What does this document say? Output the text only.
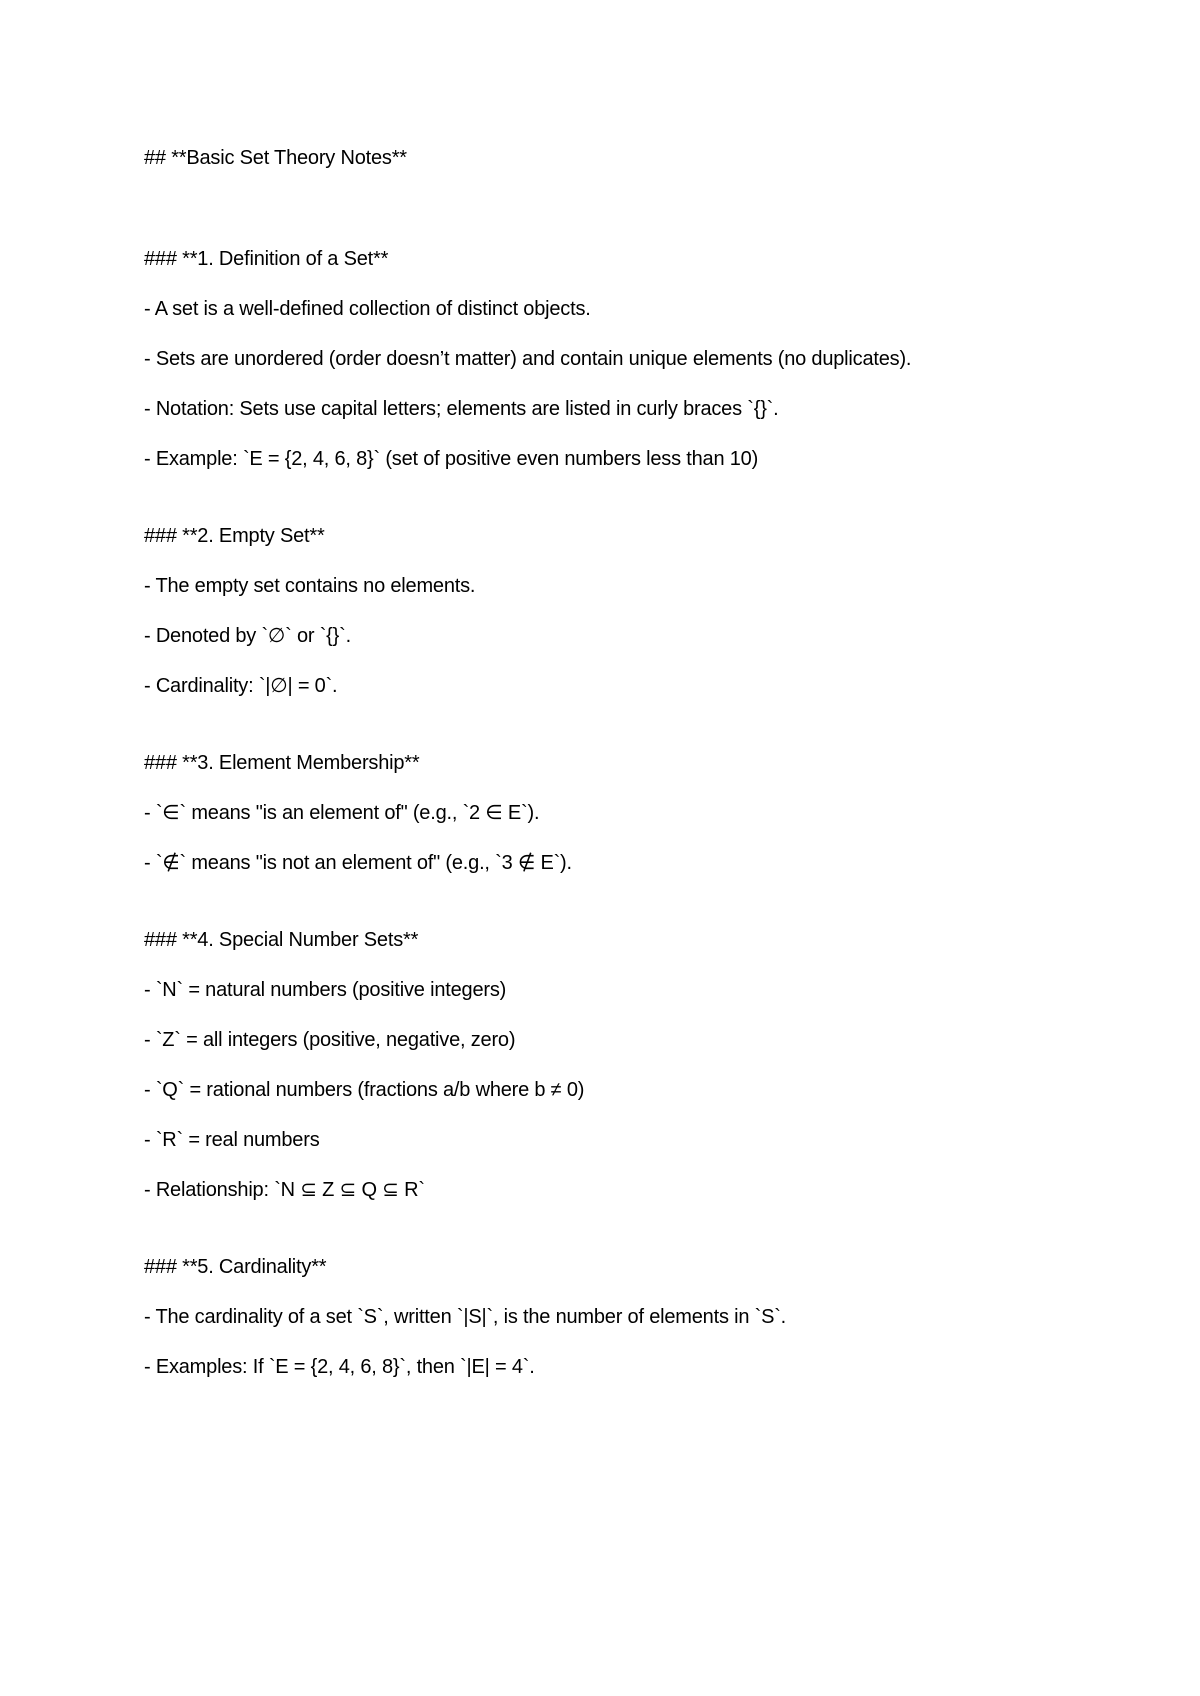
## **Basic Set Theory Notes**
### **1. Definition of a Set**
- A set is a well-defined collection of distinct objects.
- Sets are unordered (order doesn’t matter) and contain unique elements (no duplicates).
- Notation: Sets use capital letters; elements are listed in curly braces `{}`.
- Example: `E = {2, 4, 6, 8}` (set of positive even numbers less than 10)
### **2. Empty Set**
- The empty set contains no elements.
- Denoted by `∅` or `{}`.
- Cardinality: `|∅| = 0`.
### **3. Element Membership**
- `∈` means "is an element of" (e.g., `2 ∈ E`).
- `∉` means "is not an element of" (e.g., `3 ∉ E`).
### **4. Special Number Sets**
- `N` = natural numbers (positive integers)
- `Z` = all integers (positive, negative, zero)
- `Q` = rational numbers (fractions a/b where b ≠ 0)
- `R` = real numbers
- Relationship: `N ⊆ Z ⊆ Q ⊆ R`
### **5. Cardinality**
- The cardinality of a set `S`, written `|S|`, is the number of elements in `S`.
- Examples: If `E = {2, 4, 6, 8}`, then `|E| = 4`.
